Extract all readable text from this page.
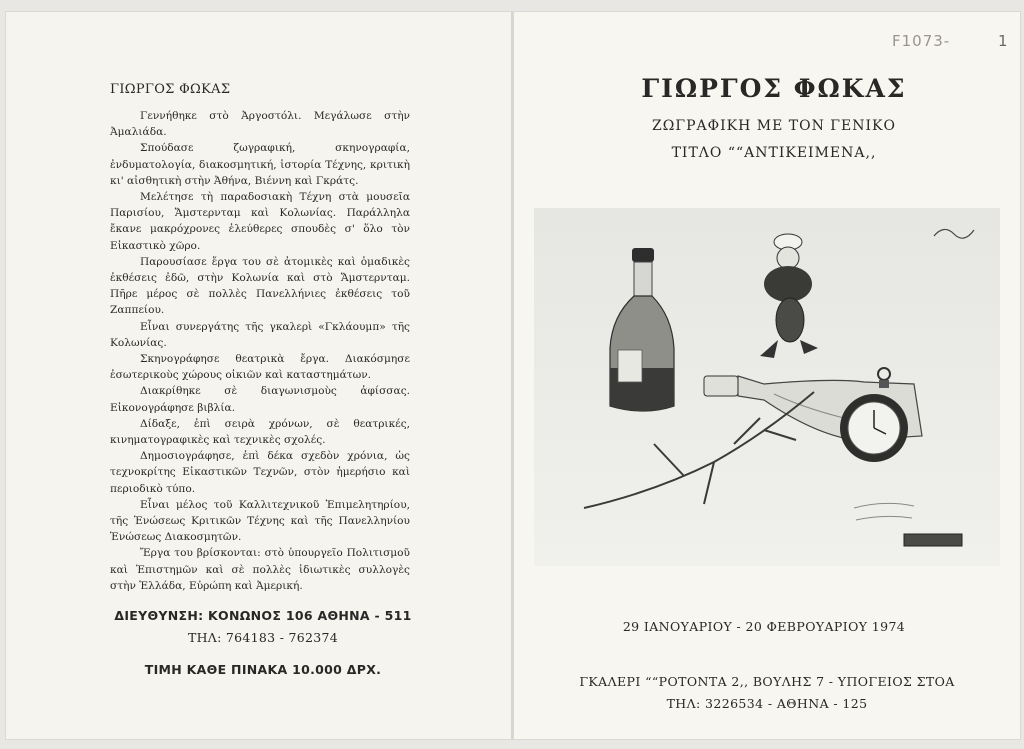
ΓΙΩΡΓΟΣ ΦΩΚΑΣ

Γεννήθηκε στὸ Ἀργοστόλι. Μεγάλωσε στὴν Ἀμαλιάδα.

Σπούδασε ζωγραφική, σκηνογραφία, ἐνδυματολογία, διακοσμητική, ἱστορία Τέχνης, κριτικὴ κι' αἰσθητικὴ στὴν Ἀθήνα, Βιέννη καὶ Γκράτς.

Μελέτησε τὴ παραδοσιακὴ Τέχνη στὰ μουσεῖα Παρισίου, Ἄμστερνταμ καὶ Κολωνίας. Παράλληλα ἔκανε μακρόχρονες ἐλεύθερες σπουδὲς σ' ὅλο τὸν Εἰκαστικὸ χῶρο.

Παρουσίασε ἔργα του σὲ ἀτομικὲς καὶ ὁμαδικὲς ἐκθέσεις ἐδῶ, στὴν Κολωνία καὶ στὸ Ἄμστερνταμ. Πῆρε μέρος σὲ πολλὲς Πανελλήνιες ἐκθέσεις τοῦ Ζαππείου.

Εἶναι συνεργάτης τῆς γκαλερὶ «Γκλάουμπ» τῆς Κολωνίας.

Σκηνογράφησε θεατρικὰ ἔργα. Διακόσμησε ἐσωτερικοὺς χώρους οἰκιῶν καὶ καταστημάτων.

Διακρίθηκε σὲ διαγωνισμοὺς ἀφίσσας. Εἰκονογράφησε βιβλία.

Δίδαξε, ἐπὶ σειρὰ χρόνων, σὲ θεατρικές, κινηματογραφικὲς καὶ τεχνικὲς σχολές.

Δημοσιογράφησε, ἐπὶ δέκα σχεδὸν χρόνια, ὡς τεχνοκρίτης Εἰκαστικῶν Τεχνῶν, στὸν ἡμερήσιο καὶ περιοδικὸ τύπο.

Εἶναι μέλος τοῦ Καλλιτεχνικοῦ Ἐπιμελητηρίου, τῆς Ἑνώσεως Κριτικῶν Τέχνης καὶ τῆς Πανελληνίου Ἑνώσεως Διακοσμητῶν.

Ἔργα του βρίσκονται: στὸ ὑπουργεῖο Πολιτισμοῦ καὶ Ἐπιστημῶν καὶ σὲ πολλὲς ἰδιωτικὲς συλλογὲς στὴν Ἑλλάδα, Εὐρώπη καὶ Ἀμερική.

ΔΙΕΥΘΥΝΣΗ: ΚΟΝΩΝΟΣ 106 ΑΘΗΝΑ - 511
ΤΗΛ: 764183 - 762374
ΤΙΜΗ ΚΑΘΕ ΠΙΝΑΚΑ 10.000 ΔΡΧ.
F1073-	1
ΓΙΩΡΓΟΣ ΦΩΚΑΣ
ΖΩΓΡΑΦΙΚΗ ΜΕ ΤΟΝ ΓΕΝΙΚΟ
ΤΙΤΛΟ ““ΑΝΤΙΚΕΙΜΕΝΑ,,
29 ΙΑΝΟΥΑΡΙΟΥ - 20 ΦΕΒΡΟΥΑΡΙΟΥ 1974
ΓΚΑΛΕΡΙ ““ΡΟΤΟΝΤΑ 2,, ΒΟΥΛΗΣ 7 - ΥΠΟΓΕΙΟΣ ΣΤΟΑ
ΤΗΛ: 3226534 - ΑΘΗΝΑ - 125
